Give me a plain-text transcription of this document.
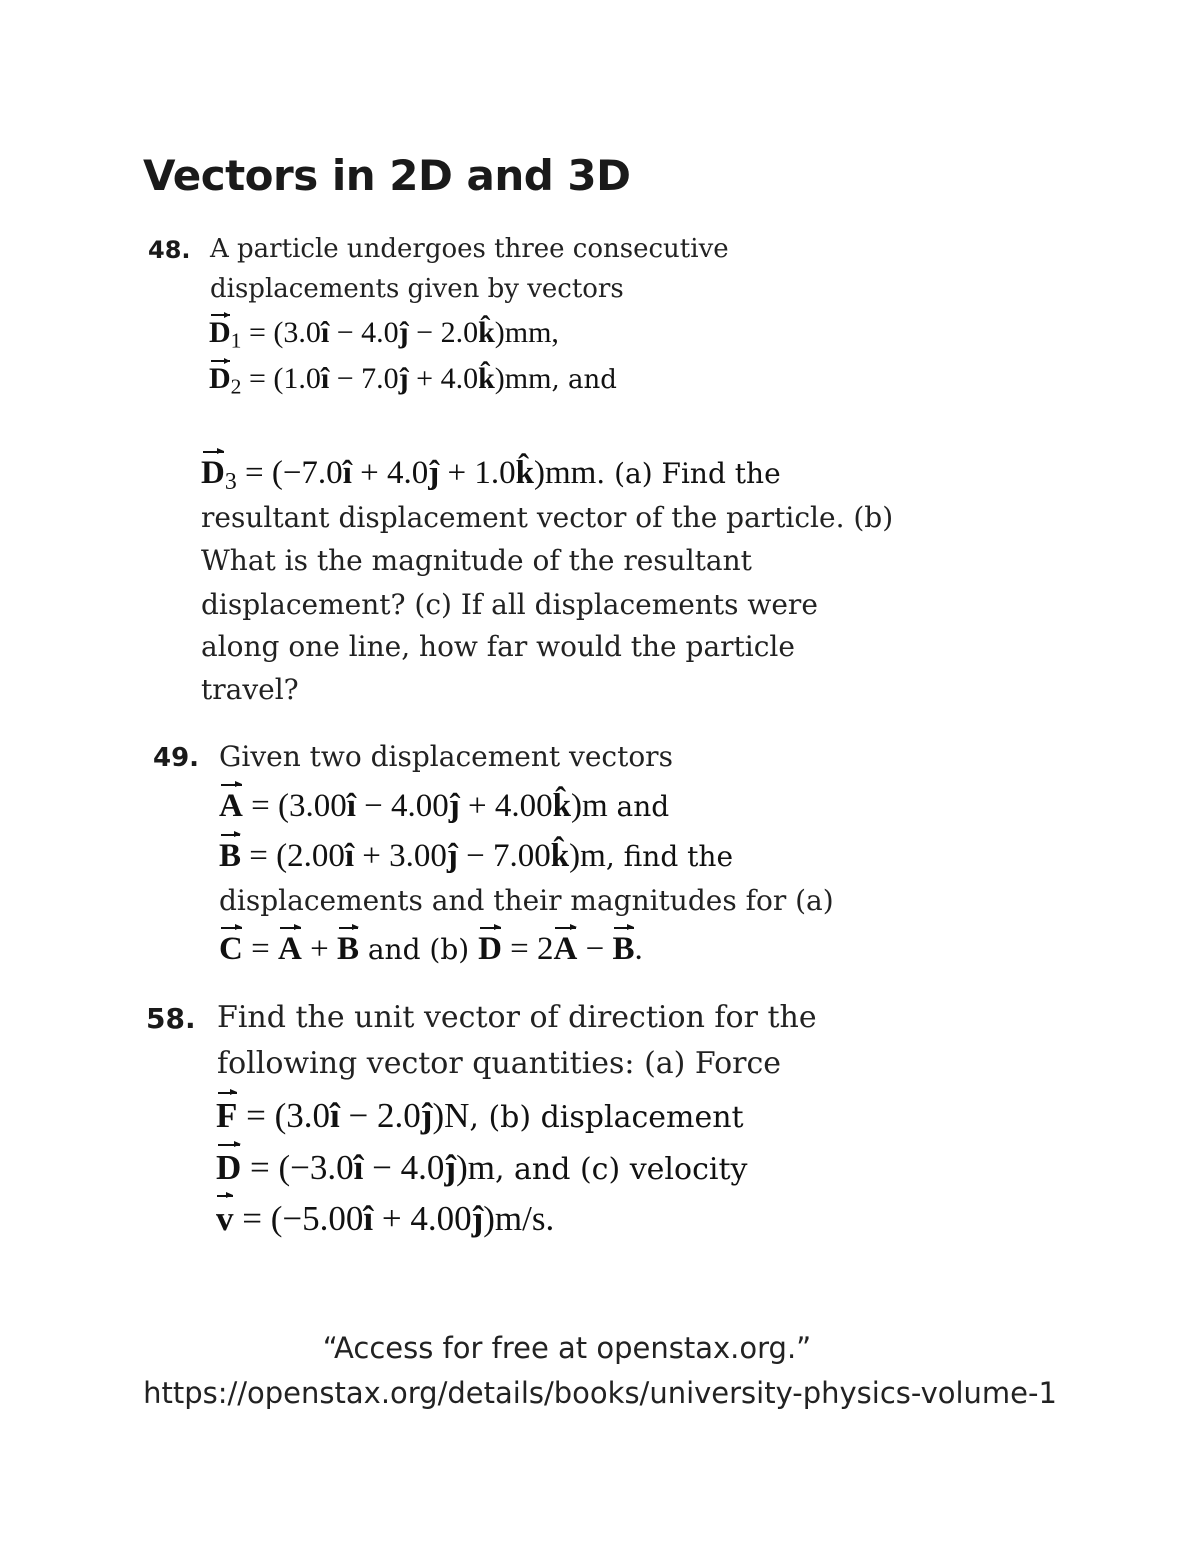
Vectors in 2D and 3D
48. A particle undergoes three consecutive
displacements given by vectors
$D_1$ = (3.0î − 4.0ĵ − 2.0k̂)mm,
$D_2$ = (1.0î − 7.0ĵ + 4.0k̂)mm, and
$D_3$ = (−7.0î + 4.0ĵ + 1.0k̂)mm. (a) Find the
resultant displacement vector of the particle. (b)
What is the magnitude of the resultant
displacement? (c) If all displacements were
along one line, how far would the particle
travel?
49. Given two displacement vectors
A = (3.00î − 4.00ĵ + 4.00k̂)m and
B = (2.00î + 3.00ĵ − 7.00k̂)m, find the
displacements and their magnitudes for (a)
C = A + B and (b) D = 2A − B.
58. Find the unit vector of direction for the
following vector quantities: (a) Force
F = (3.0î − 2.0ĵ)N, (b) displacement
D = (−3.0î − 4.0ĵ)m, and (c) velocity
v = (−5.00î + 4.00ĵ)m/s.
“Access for free at openstax.org.”
https://openstax.org/details/books/university-physics-volume-1
